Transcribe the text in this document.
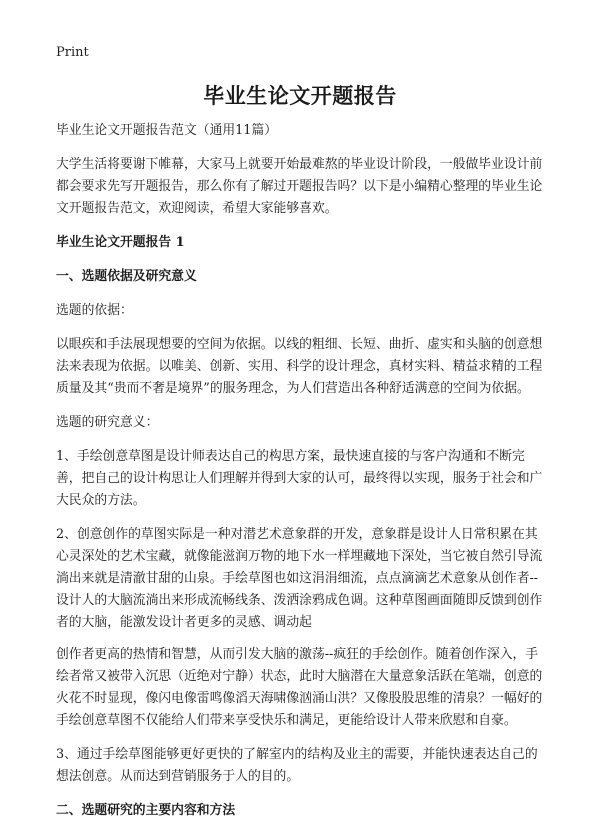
Print
毕业生论文开题报告

毕业生论文开题报告范文（通用11篇）

大学生活将要谢下帷幕，大家马上就要开始最难熬的毕业设计阶段，一般做毕业设计前都会要求先写开题报告，那么你有了解过开题报告吗？以下是小编精心整理的毕业生论文开题报告范文，欢迎阅读，希望大家能够喜欢。

毕业生论文开题报告 1

一、选题依据及研究意义

选题的依据：

以眼疾和手法展现想要的空间为依据。以线的粗细、长短、曲折、虚实和头脑的创意想法来表现为依据。以唯美、创新、实用、科学的设计理念，真材实料、精益求精的工程质量及其“贵而不奢是境界”的服务理念，为人们营造出各种舒适满意的空间为依据。

选题的研究意义：

1、手绘创意草图是设计师表达自己的构思方案，最快速直接的与客户沟通和不断完善，把自己的设计构思让人们理解并得到大家的认可，最终得以实现，服务于社会和广大民众的方法。

2、创意创作的草图实际是一种对潜艺术意象群的开发，意象群是设计人日常积累在其心灵深处的艺术宝藏，就像能滋润万物的地下水一样埋藏地下深处，当它被自然引导流淌出来就是清澈甘甜的山泉。手绘草图也如这涓涓细流，点点滴滴艺术意象从创作者--设计人的大脑流淌出来形成流畅线条、泼洒涂鸦成色调。这种草图画面随即反馈到创作者的大脑，能激发设计者更多的灵感、调动起

创作者更高的热情和智慧，从而引发大脑的激荡--疯狂的手绘创作。随着创作深入，手绘者常又被带入沉思（近绝对宁静）状态，此时大脑潜在大量意象活跃在笔端，创意的火花不时显现，像闪电像雷鸣像滔天海啸像汹涌山洪？又像股股思维的清泉？一幅好的手绘创意草图不仅能给人们带来享受快乐和满足，更能给设计人带来欣慰和自豪。

3、通过手绘草图能够更好更快的了解室内的结构及业主的需要，并能快速表达自己的想法创意。从而达到营销服务于人的目的。

二、选题研究的主要内容和方法
